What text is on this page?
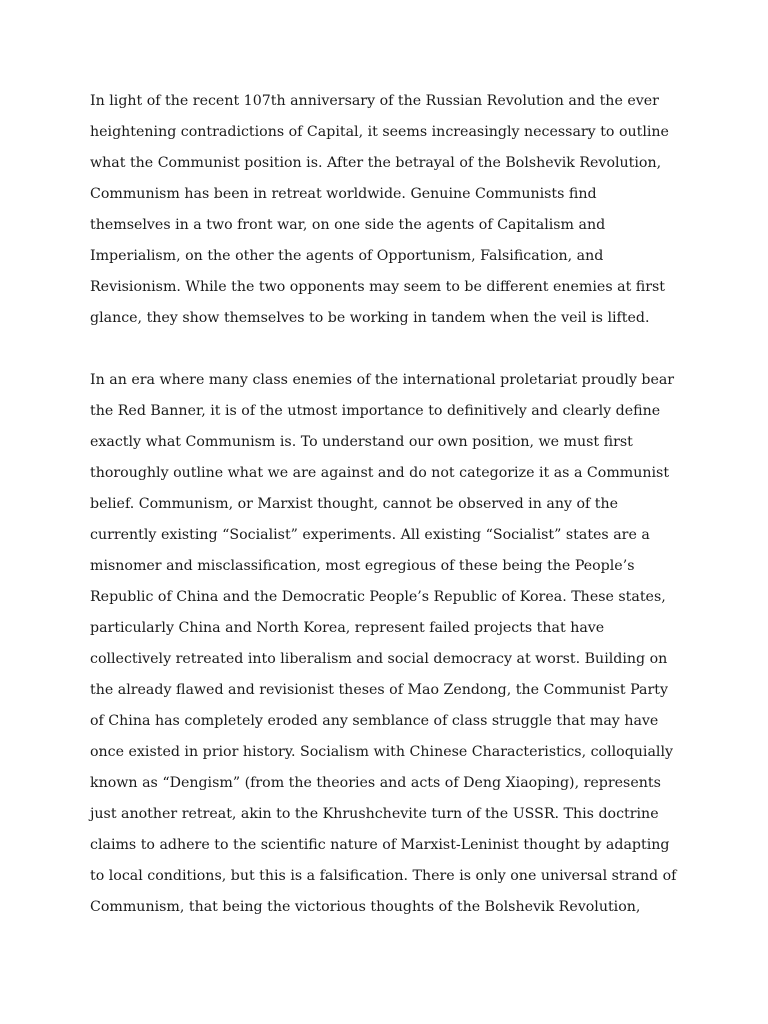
In light of the recent 107th anniversary of the Russian Revolution and the ever
heightening contradictions of Capital, it seems increasingly necessary to outline
what the Communist position is. After the betrayal of the Bolshevik Revolution,
Communism has been in retreat worldwide. Genuine Communists find
themselves in a two front war, on one side the agents of Capitalism and
Imperialism, on the other the agents of Opportunism, Falsification, and
Revisionism. While the two opponents may seem to be different enemies at first
glance, they show themselves to be working in tandem when the veil is lifted.
In an era where many class enemies of the international proletariat proudly bear
the Red Banner, it is of the utmost importance to definitively and clearly define
exactly what Communism is. To understand our own position, we must first
thoroughly outline what we are against and do not categorize it as a Communist
belief. Communism, or Marxist thought, cannot be observed in any of the
currently existing “Socialist” experiments. All existing “Socialist” states are a
misnomer and misclassification, most egregious of these being the People’s
Republic of China and the Democratic People’s Republic of Korea. These states,
particularly China and North Korea, represent failed projects that have
collectively retreated into liberalism and social democracy at worst. Building on
the already flawed and revisionist theses of Mao Zendong, the Communist Party
of China has completely eroded any semblance of class struggle that may have
once existed in prior history. Socialism with Chinese Characteristics, colloquially
known as “Dengism” (from the theories and acts of Deng Xiaoping), represents
just another retreat, akin to the Khrushchevite turn of the USSR. This doctrine
claims to adhere to the scientific nature of Marxist-Leninist thought by adapting
to local conditions, but this is a falsification. There is only one universal strand of
Communism, that being the victorious thoughts of the Bolshevik Revolution,
